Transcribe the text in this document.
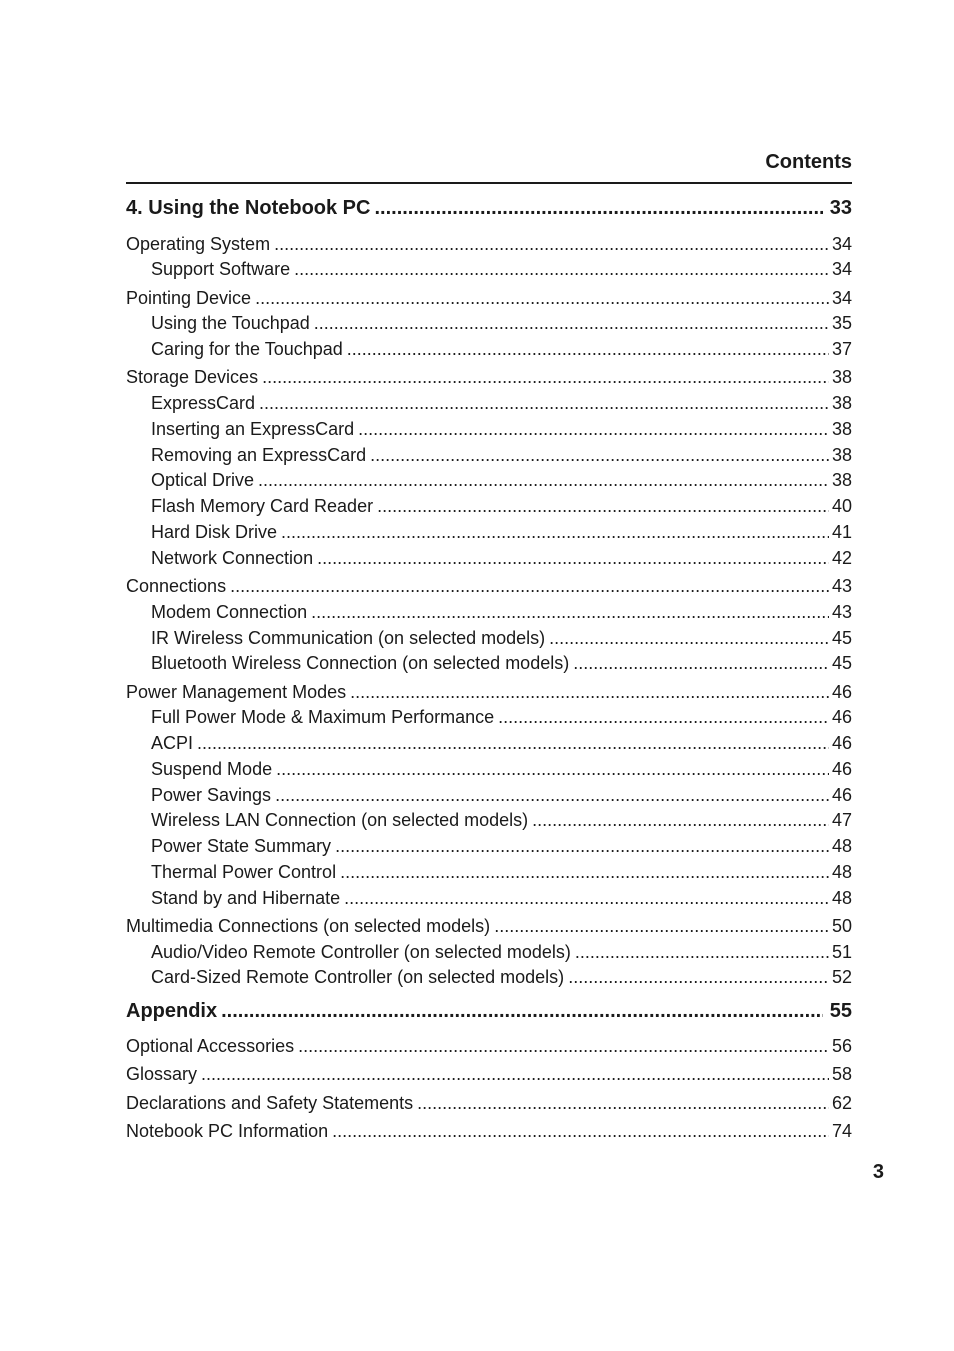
Contents
4. Using the Notebook PC .....	33
Operating System .....	34
Support Software .....	34
Pointing Device .....	34
Using the Touchpad .....	35
Caring for the Touchpad .....	37
Storage Devices .....	38
ExpressCard .....	38
Inserting an ExpressCard .....	38
Removing an ExpressCard .....	38
Optical Drive .....	38
Flash Memory Card Reader .....	40
Hard Disk Drive .....	41
Network Connection .....	42
Connections .....	43
Modem Connection .....	43
IR Wireless Communication (on selected models) .....	45
Bluetooth Wireless Connection (on selected models) .....	45
Power Management Modes .....	46
Full Power Mode & Maximum Performance .....	46
ACPI .....	46
Suspend Mode .....	46
Power Savings .....	46
Wireless LAN Connection (on selected models) .....	47
Power State Summary .....	48
Thermal Power Control .....	48
Stand by and Hibernate .....	48
Multimedia Connections (on selected models) .....	50
Audio/Video Remote Controller (on selected models) .....	51
Card-Sized Remote Controller (on selected models) .....	52
Appendix .....	55
Optional Accessories .....	56
Glossary .....	58
Declarations and Safety Statements .....	62
Notebook PC Information .....	74
3
